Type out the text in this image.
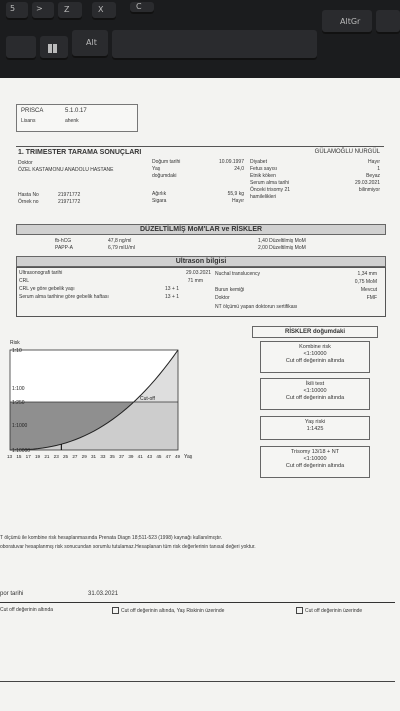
5	>	Z	X	C
Alt
AltGr
PRISCA	5.1.0.17
Lisans	ahenk
1. TRIMESTER TARAMA SONUÇLARI	GÜLAMOĞLU NURGÜL
Doktor
ÖZEL KASTAMONU ANADOLU HASTANE
Hasta No	21971772
Örnek no	21971772
Doğum tarihi	10.09.1997
Yaş	24,0
doğumdaki
Ağırlık	55,9 kg
Sigara	Hayır
Diyabet	Hayır
Fetus sayısı	1
Etnik köken	Beyaz
Serum alma tarihi	29.03.2021
Önceki trisomy 21	bilinmiyor
hamilelikleri
DÜZELTİLMİŞ MoM'LAR ve RİSKLER
fb-hCG	47,8 ng/ml	1,40 Düzeltilmiş MoM
PAPP-A	6,79 mIU/ml	2,00 Düzeltilmiş MoM
Ultrason bilgisi
Ultrasonografi tarihi	29.03.2021
CRL	71 mm
CRL ye göre gebelik yaşı	13 + 1
Serum alma tarihine göre gebelik haftası	13 + 1
Nuchal translucency	1,34 mm
0,75 MoM
Burun kemiği	Mevcut
Doktor	FMF
NT ölçümü yapan doktorun sertifikası
Cut-off
Risk
1:10
1:100
1:250
1:1000
1:10000
13 15 17 19 21 23 25 27 29 31 33 35 37 39 41 43 45 47 49 Yaş
RİSKLER doğumdaki
Kombine risk
<1:10000
Cut off değerinin altında
İkili test
<1:10000
Cut off değerinin altında
Yaş riski
1:1425
Trisomy 13/18 + NT
<1:10000
Cut off değerinin altında
T ölçümü ile kombine risk hesaplanmasında Prenata Diagn 18;511-523 (1998) kaynağı kullanılmıştır.
oboratuvar hesaplanmış risk sonucundan sorumlu tutulamaz.Hesaplanan tüm risk değerlerinin tanısal değeri yoktur.
por tarihi	31.03.2021
Cut off değerinin altında	Cut off değerinin altında, Yaş Riskinin üzerinde	Cut off değerinin üzerinde
